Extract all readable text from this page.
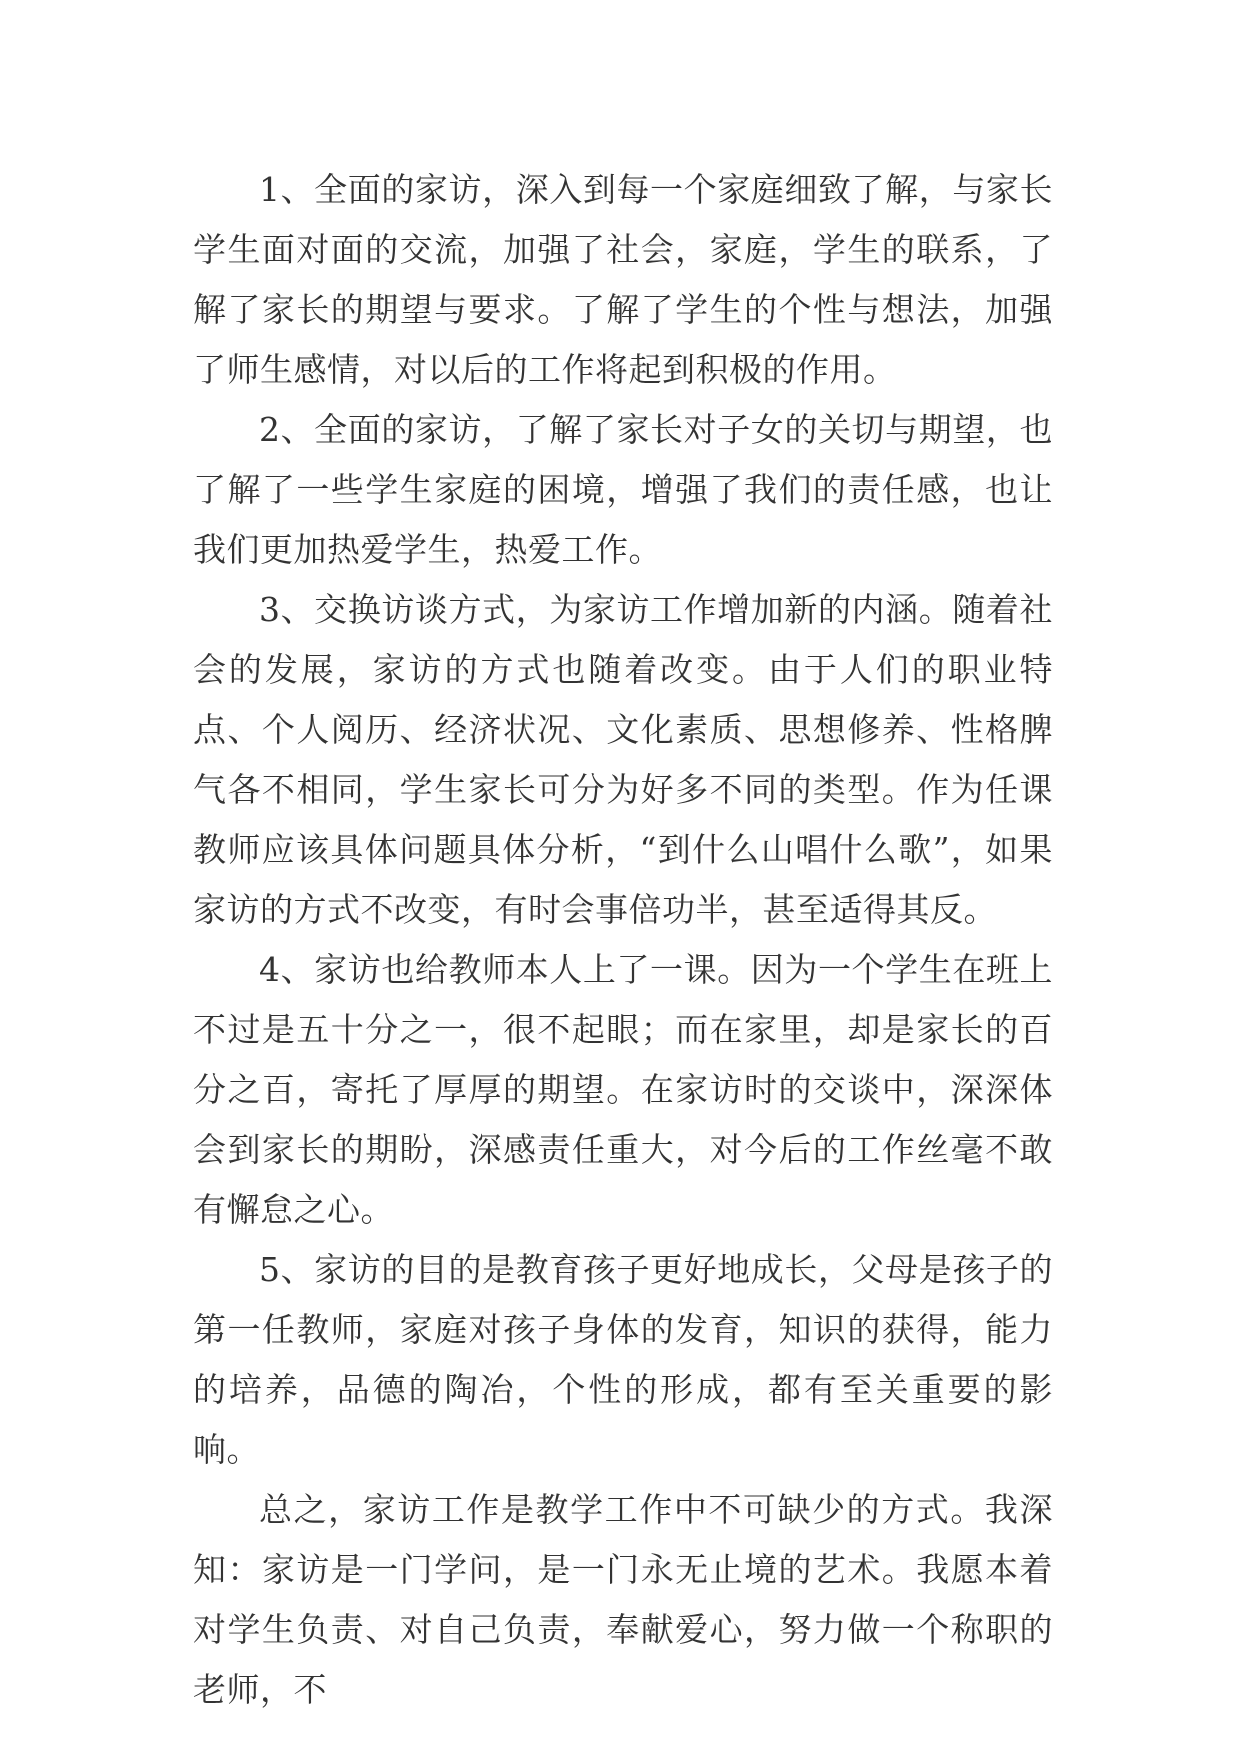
1、全面的家访，深入到每一个家庭细致了解，与家长学生面对面的交流，加强了社会，家庭，学生的联系，了解了家长的期望与要求。了解了学生的个性与想法，加强了师生感情，对以后的工作将起到积极的作用。

2、全面的家访，了解了家长对子女的关切与期望，也了解了一些学生家庭的困境，增强了我们的责任感，也让我们更加热爱学生，热爱工作。

3、交换访谈方式，为家访工作增加新的内涵。随着社会的发展，家访的方式也随着改变。由于人们的职业特点、个人阅历、经济状况、文化素质、思想修养、性格脾气各不相同，学生家长可分为好多不同的类型。作为任课教师应该具体问题具体分析，“到什么山唱什么歌”，如果家访的方式不改变，有时会事倍功半，甚至适得其反。

4、家访也给教师本人上了一课。因为一个学生在班上不过是五十分之一，很不起眼；而在家里，却是家长的百分之百，寄托了厚厚的期望。在家访时的交谈中，深深体会到家长的期盼，深感责任重大，对今后的工作丝毫不敢有懈怠之心。

5、家访的目的是教育孩子更好地成长，父母是孩子的第一任教师，家庭对孩子身体的发育，知识的获得，能力的培养，品德的陶冶，个性的形成，都有至关重要的影响。

总之，家访工作是教学工作中不可缺少的方式。我深知：家访是一门学问，是一门永无止境的艺术。我愿本着对学生负责、对自己负责，奉献爱心，努力做一个称职的老师，不
